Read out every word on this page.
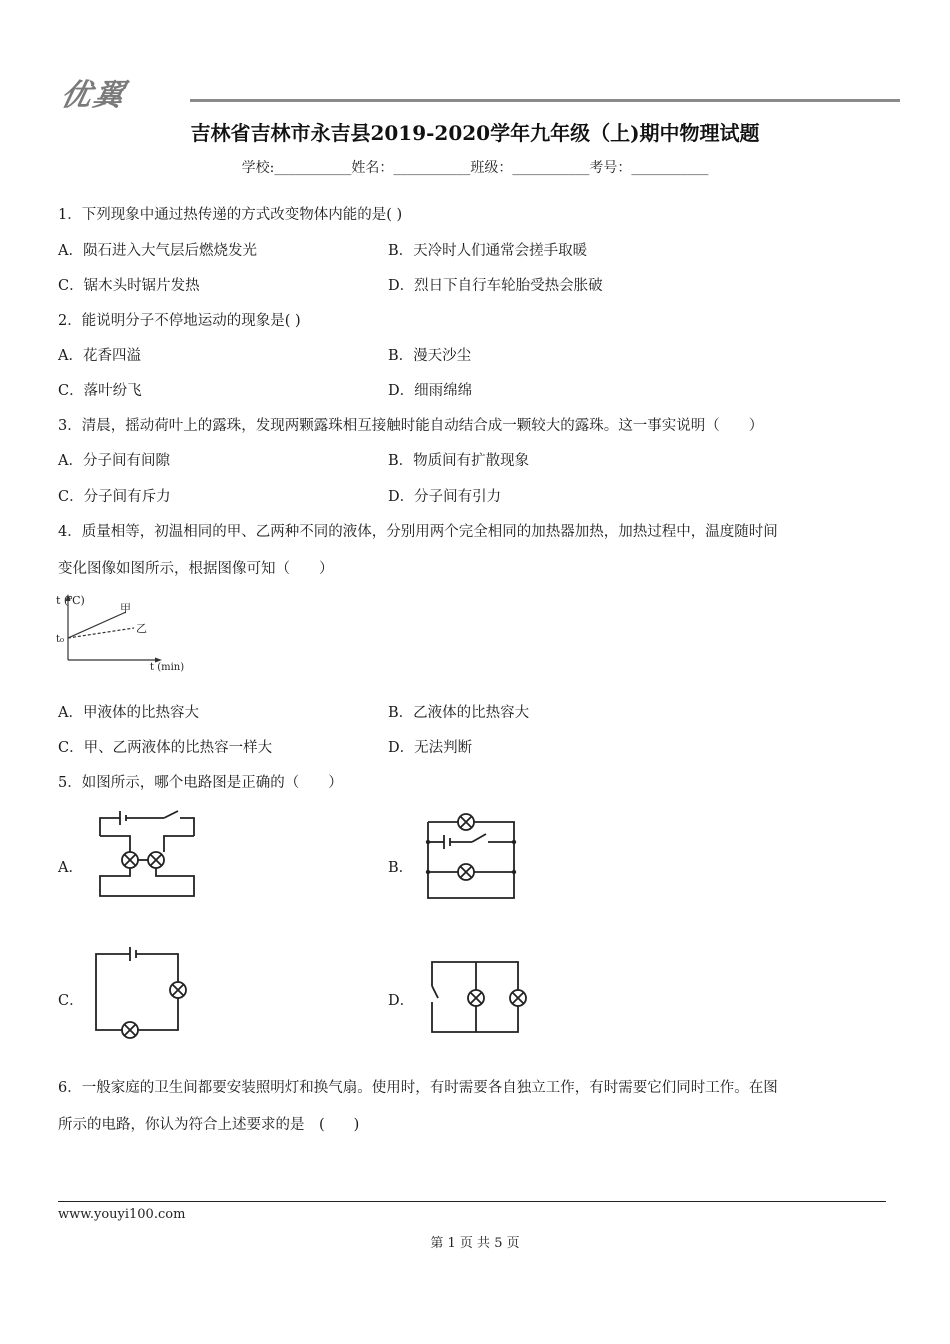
优翼
吉林省吉林市永吉县2019-2020学年九年级（上)期中物理试题
学校:___________姓名：___________班级：___________考号：___________
1．下列现象中通过热传递的方式改变物体内能的是( )
A．陨石进入大气层后燃烧发光	B．天冷时人们通常会搓手取暖
C．锯木头时锯片发热	D．烈日下自行车轮胎受热会胀破
2．能说明分子不停地运动的现象是( )
A．花香四溢	B．漫天沙尘
C．落叶纷飞	D．细雨绵绵
3．清晨，摇动荷叶上的露珠，发现两颗露珠相互接触时能自动结合成一颗较大的露珠。这一事实说明（　　）
A．分子间有间隙	B．物质间有扩散现象
C．分子间有斥力	D．分子间有引力
4．质量相等，初温相同的甲、乙两种不同的液体，分别用两个完全相同的加热器加热，加热过程中，温度随时间
变化图像如图所示，根据图像可知（　　）
t (℃)
t₀
甲
乙
t (min)
A．甲液体的比热容大	B．乙液体的比热容大
C．甲、乙两液体的比热容一样大	D．无法判断
5．如图所示，哪个电路图是正确的（　　）
A．	B．
C．	D．
6．一般家庭的卫生间都要安装照明灯和换气扇。使用时，有时需要各自独立工作，有时需要它们同时工作。在图
所示的电路，你认为符合上述要求的是　(　　)
www.youyi100.com
第 1 页 共 5 页
